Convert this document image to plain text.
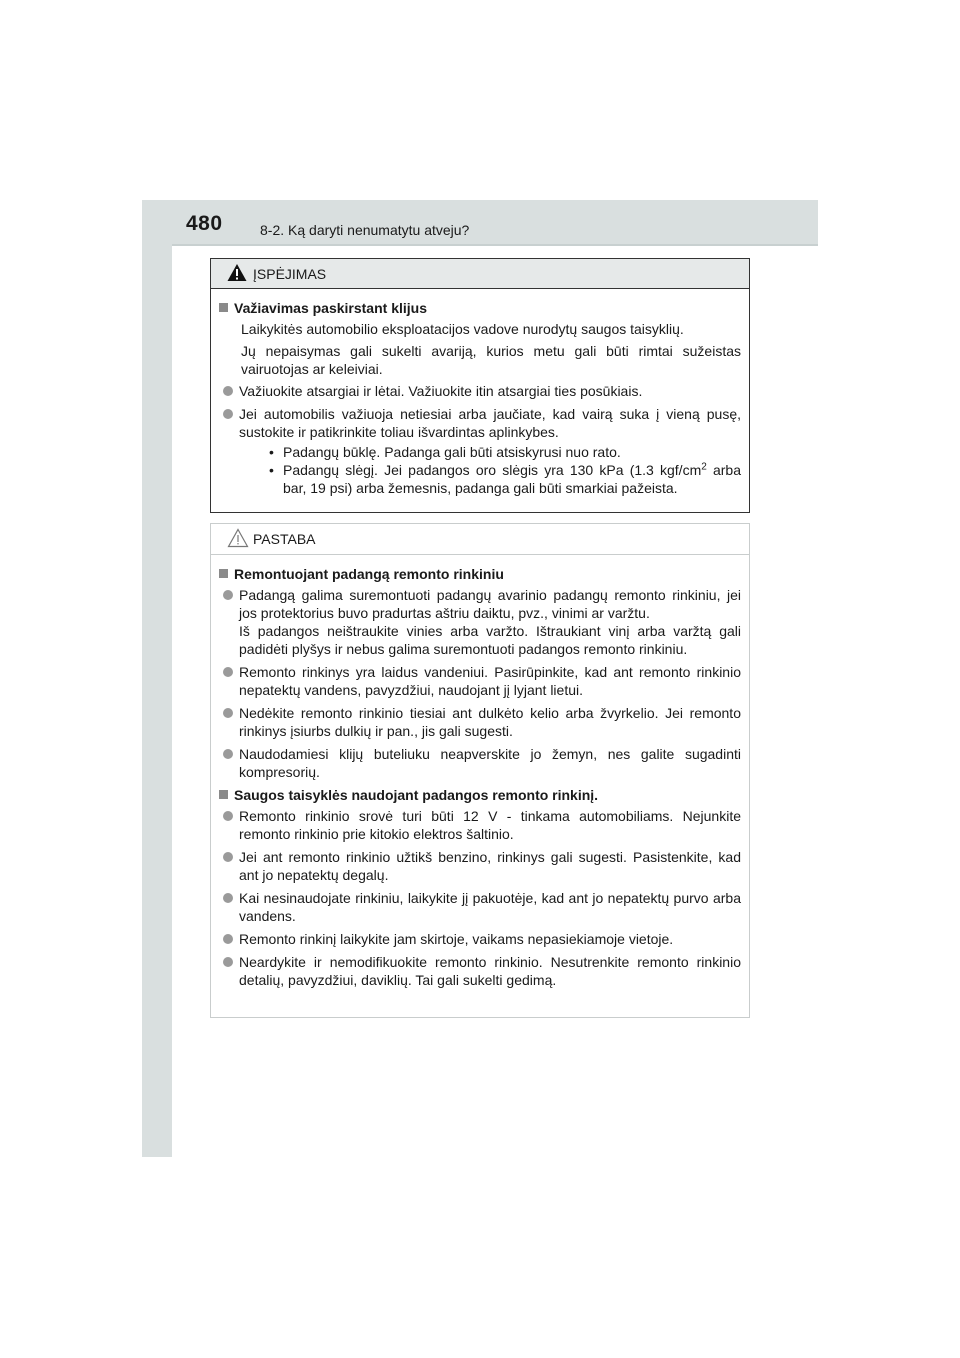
480	8-2. Ką daryti nenumatytu atveju?
ĮSPĖJIMAS
Važiavimas paskirstant klijus

Laikykitės automobilio eksploatacijos vadove nurodytų saugos taisyklių.

Jų nepaisymas gali sukelti avariją, kurios metu gali būti rimtai sužeistas vairuotojas ar keleiviai.

Važiuokite atsargiai ir lėtai. Važiuokite itin atsargiai ties posūkiais.
Jei automobilis važiuoja netiesiai arba jaučiate, kad vairą suka į vieną pusę, sustokite ir patikrinkite toliau išvardintas aplinkybes.
• Padangų būklę. Padanga gali būti atsiskyrusi nuo rato.
• Padangų slėgį. Jei padangos oro slėgis yra 130 kPa (1.3 kgf/$cm^2$ arba bar, 19 psi) arba žemesnis, padanga gali būti smarkiai pažeista.
PASTABA
Remontuojant padangą remonto rinkiniu
Padangą galima suremontuoti padangų avarinio padangų remonto rinkiniu, jei jos protektorius buvo pradurtas aštriu daiktu, pvz., vinimi ar varžtu.
Iš padangos neištraukite vinies arba varžto. Ištraukiant vinį arba varžtą gali padidėti plyšys ir nebus galima suremontuoti padangos remonto rinkiniu.
Remonto rinkinys yra laidus vandeniui. Pasirūpinkite, kad ant remonto rinkinio nepatektų vandens, pavyzdžiui, naudojant jį lyjant lietui.
Nedėkite remonto rinkinio tiesiai ant dulkėto kelio arba žvyrkelio. Jei remonto rinkinys įsiurbs dulkių ir pan., jis gali sugesti.
Naudodamiesi klijų buteliuku neapverskite jo žemyn, nes galite sugadinti kompresorių.
Saugos taisyklės naudojant padangos remonto rinkinį.
Remonto rinkinio srovė turi būti 12 V - tinkama automobiliams. Nejunkite remonto rinkinio prie kitokio elektros šaltinio.
Jei ant remonto rinkinio užtikš benzino, rinkinys gali sugesti. Pasistenkite, kad ant jo nepatektų degalų.
Kai nesinaudojate rinkiniu, laikykite jį pakuotėje, kad ant jo nepatektų purvo arba vandens.
Remonto rinkinį laikykite jam skirtoje, vaikams nepasiekiamoje vietoje.
Neardykite ir nemodifikuokite remonto rinkinio. Nesutrenkite remonto rinkinio detalių, pavyzdžiui, daviklių. Tai gali sukelti gedimą.
